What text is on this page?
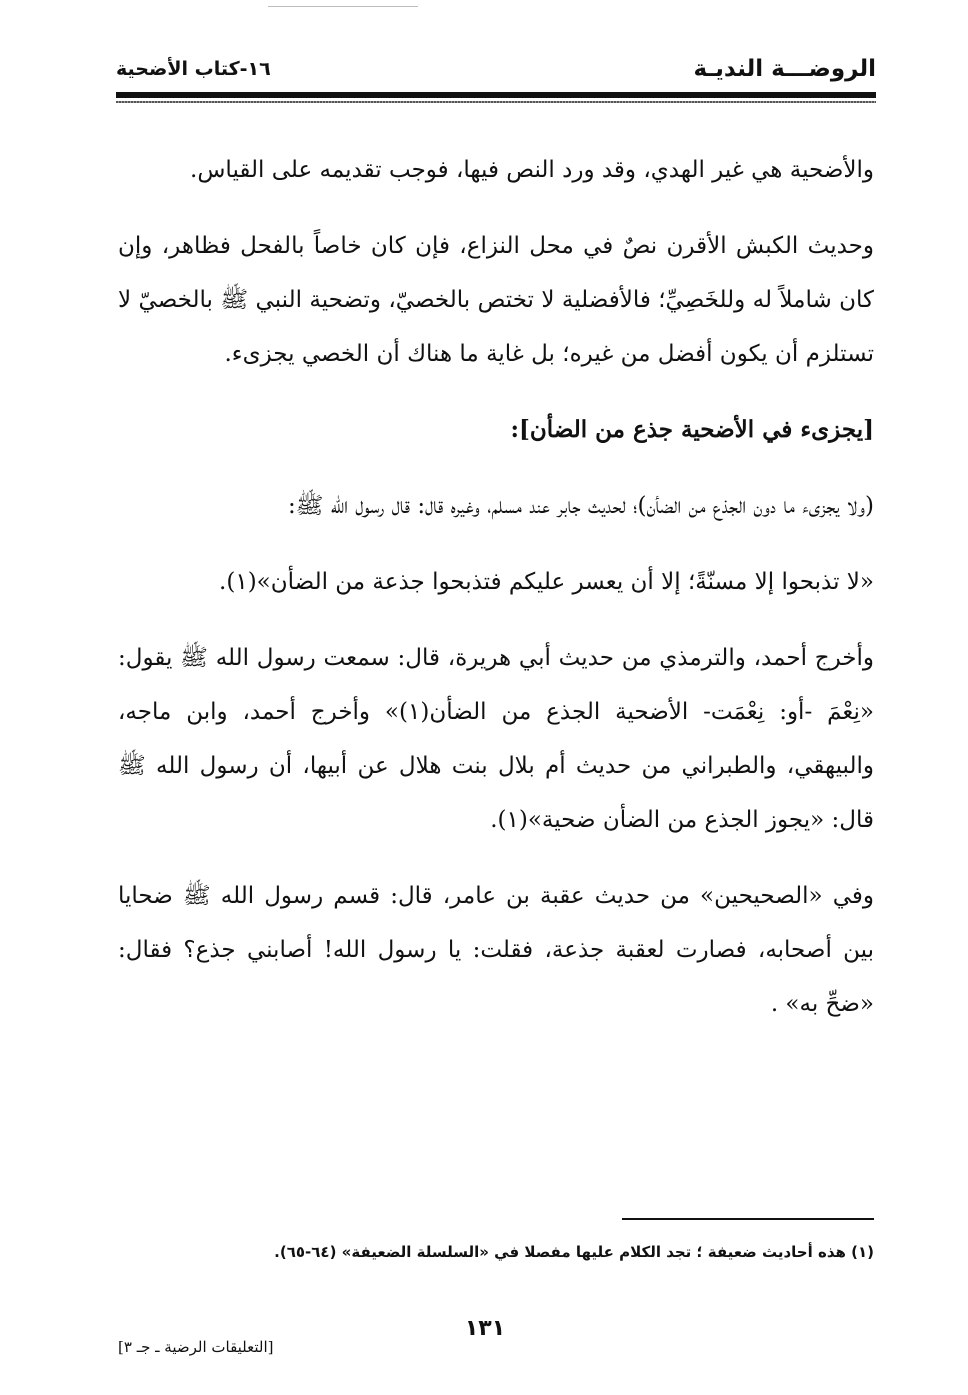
الروضـــة النديـة
١٦-كتاب الأضحية

والأضحية هي غير الهدي، وقد ورد النص فيها، فوجب تقديمه على القياس.

وحديث الكبش الأقرن نصٌ في محل النزاع، فإن كان خاصاً بالفحل فظاهر، وإن كان شاملاً له وللخَصِيِّ؛ فالأفضلية لا تختص بالخصيّ، وتضحية النبي ﷺ بالخصيّ لا تستلزم أن يكون أفضل من غيره؛ بل غاية ما هناك أن الخصي يجزىء.

[يجزىء في الأضحية جذع من الضأن]:

(ولا يجزىء ما دون الجذع من الضأن)؛ لحديث جابر عند مسلم، وغيره قال: قال رسول الله ﷺ:

«لا تذبحوا إلا مسنّةً؛ إلا أن يعسر عليكم فتذبحوا جذعة من الضأن»(١).

وأخرج أحمد، والترمذي من حديث أبي هريرة، قال: سمعت رسول الله ﷺ يقول: «نِعْمَ -أو: نِعْمَت- الأضحية الجذع من الضأن(١)» وأخرج أحمد، وابن ماجه، والبيهقي، والطبراني من حديث أم بلال بنت هلال عن أبيها، أن رسول الله ﷺ قال: «يجوز الجذع من الضأن ضحية»(١).

وفي «الصحيحين» من حديث عقبة بن عامر، قال: قسم رسول الله ﷺ ضحايا بين أصحابه، فصارت لعقبة جذعة، فقلت: يا رسول الله! أصابني جذع؟ فقال: «ضحِّ به» .

(١) هذه أحاديث ضعيفة ؛ تجد الكلام عليها مفصلا في «السلسلة الضعيفة» (٦٤-٦٥).
١٣١
[التعليقات الرضية ـ جـ ٣]
